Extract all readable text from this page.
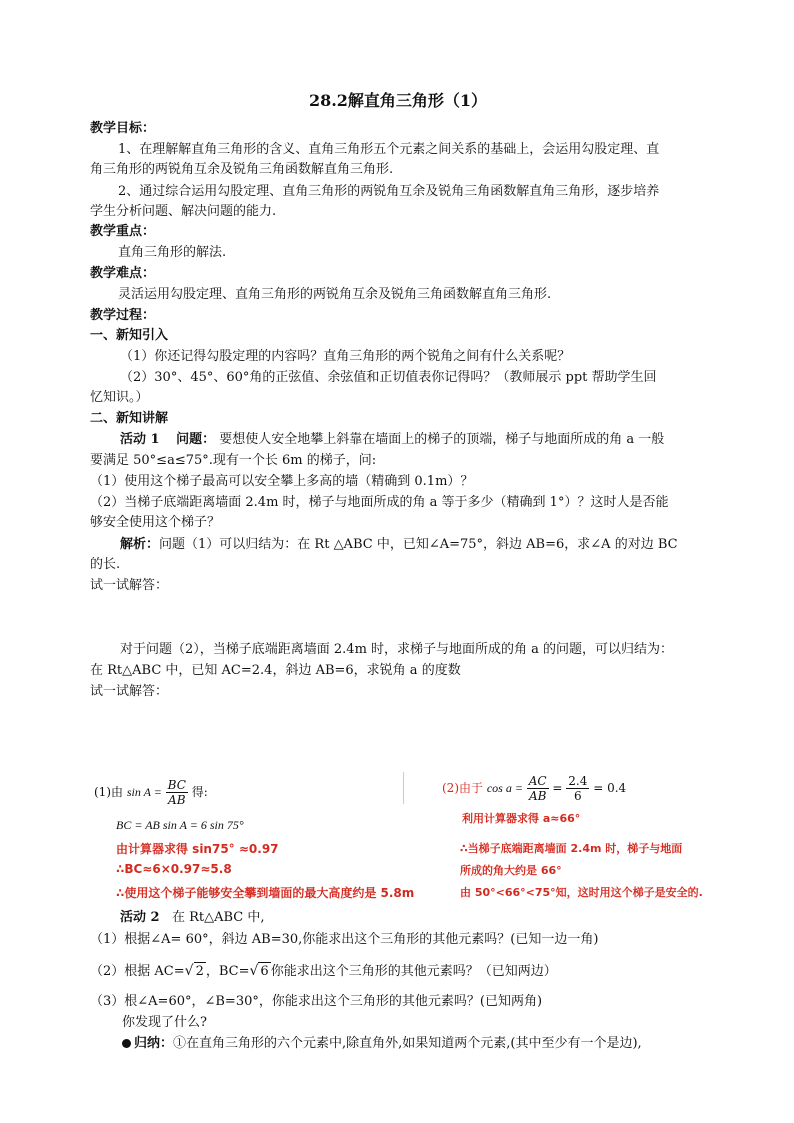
28.2解直角三角形（1）
教学目标：
1、在理解解直角三角形的含义、直角三角形五个元素之间关系的基础上，会运用勾股定理、直
角三角形的两锐角互余及锐角三角函数解直角三角形.
2、通过综合运用勾股定理、直角三角形的两锐角互余及锐角三角函数解直角三角形，逐步培养
学生分析问题、解决问题的能力.
教学重点：
直角三角形的解法.
教学难点：
灵活运用勾股定理、直角三角形的两锐角互余及锐角三角函数解直角三角形.
教学过程：
一、新知引入
（1）你还记得勾股定理的内容吗？直角三角形的两个锐角之间有什么关系呢？
（2）30°、45°、60°角的正弦值、余弦值和正切值表你记得吗？（教师展示 ppt 帮助学生回
忆知识。）
二、新知讲解
活动 1 问题： 要想使人安全地攀上斜靠在墙面上的梯子的顶端，梯子与地面所成的角 a 一般
要满足 50°≤a≤75°.现有一个长 6m 的梯子，问:
（1）使用这个梯子最高可以安全攀上多高的墙（精确到 0.1m）？
（2）当梯子底端距离墙面 2.4m 时，梯子与地面所成的角 a 等于多少（精确到 1°）？这时人是否能
够安全使用这个梯子？
解析：问题（1）可以归结为：在 Rt △ABC 中，已知∠A=75°，斜边 AB=6，求∠A 的对边 BC
的长.
试一试解答：
对于问题（2），当梯子底端距离墙面 2.4m 时，求梯子与地面所成的角 a 的问题，可以归结为：
在 Rt△ABC 中，已知 AC=2.4，斜边 AB=6，求锐角 a 的度数
试一试解答：
(1)由 $\sin A = \frac{BC}{AB}$ 得:
BC = AB sin A = 6 sin 75°
由计算器求得 sin75° ≈0.97
∴BC≈6×0.97≈5.8
∴使用这个梯子能够安全攀到墙面的最大高度约是 5.8m
(2)由于 $\cos a = \frac{AC}{AB} = \frac{2.4}{6} = 0.4$
利用计算器求得 a≈66°
∴当梯子底端距离墙面 2.4m 时，梯子与地面
所成的角大约是 66°
由 50°<66°<75°知，这时用这个梯子是安全的.
活动 2 在 Rt△ABC 中,
（1）根据∠A= 60°，斜边 AB=30,你能求出这个三角形的其他元素吗？(已知一边一角)
（2）根据 AC=√ 2 ，BC=√ 6 你能求出这个三角形的其他元素吗？（已知两边）
（3）根∠A=60°，∠B=30°，你能求出这个三角形的其他元素吗？(已知两角)
你发现了什么?
归纳：①在直角三角形的六个元素中,除直角外,如果知道两个元素,(其中至少有一个是边),
